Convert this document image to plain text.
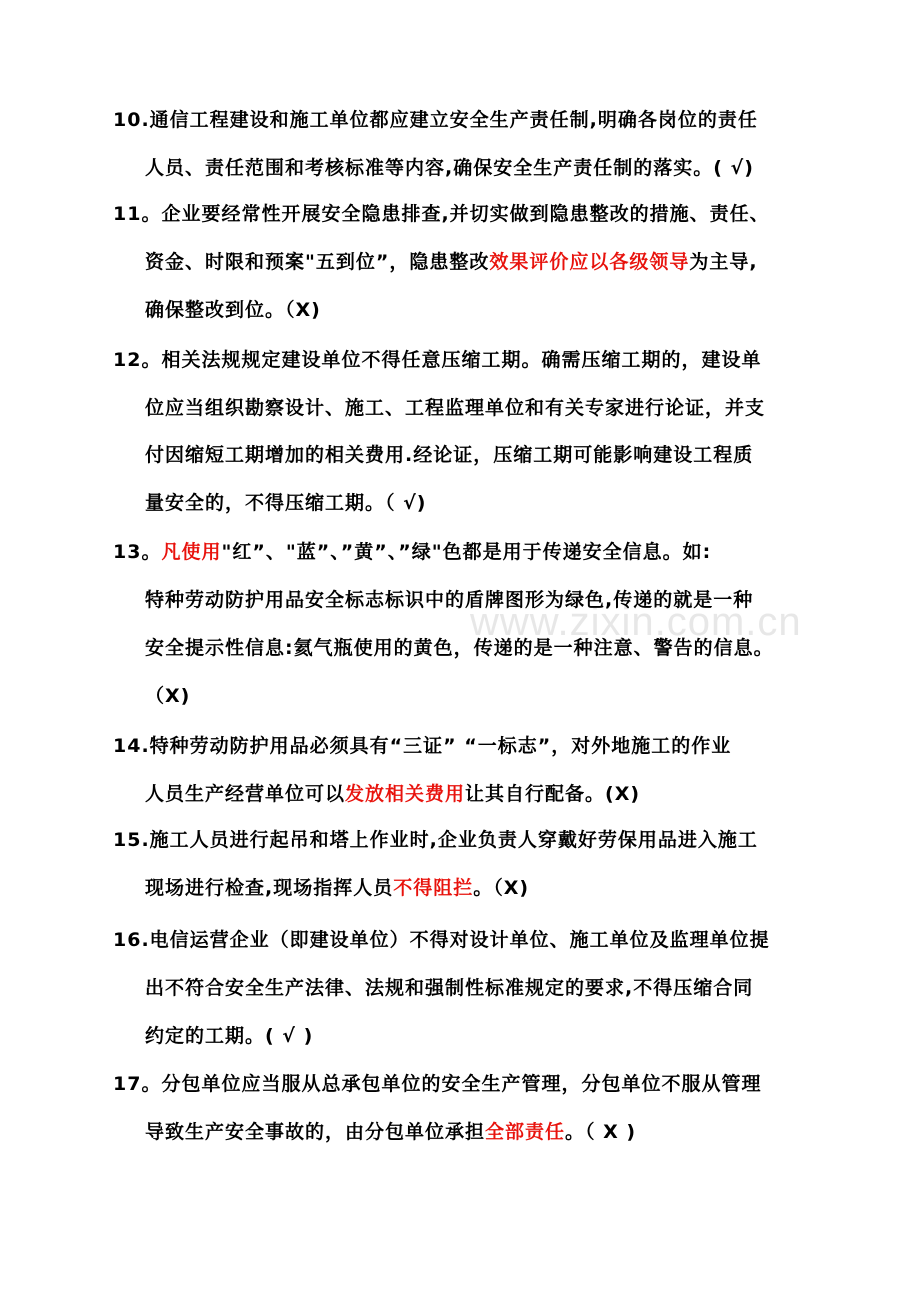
www.zixin.com.cn
10.通信工程建设和施工单位都应建立安全生产责任制,明确各岗位的责任
人员、责任范围和考核标准等内容,确保安全生产责任制的落实。( √)
11。企业要经常性开展安全隐患排查,并切实做到隐患整改的措施、责任、
资金、时限和预案"五到位”，隐患整改效果评价应以各级领导为主导,
确保整改到位。（X)
12。相关法规规定建设单位不得任意压缩工期。确需压缩工期的，建设单
位应当组织勘察设计、施工、工程监理单位和有关专家进行论证，并支
付因缩短工期增加的相关费用.经论证，压缩工期可能影响建设工程质
量安全的，不得压缩工期。（ √)
13。凡使用"红”、"蓝”、”黄”、”绿"色都是用于传递安全信息。如:
特种劳动防护用品安全标志标识中的盾牌图形为绿色,传递的就是一种
安全提示性信息:氦气瓶使用的黄色，传递的是一种注意、警告的信息。
（X)
14.特种劳动防护用品必须具有“三证” “一标志”，对外地施工的作业
人员生产经营单位可以发放相关费用让其自行配备。(X)
15.施工人员进行起吊和塔上作业时,企业负责人穿戴好劳保用品进入施工
现场进行检查,现场指挥人员不得阻拦。（X)
16.电信运营企业（即建设单位）不得对设计单位、施工单位及监理单位提
出不符合安全生产法律、法规和强制性标准规定的要求,不得压缩合同
约定的工期。( √ )
17。分包单位应当服从总承包单位的安全生产管理，分包单位不服从管理
导致生产安全事故的，由分包单位承担全部责任。（ X )
